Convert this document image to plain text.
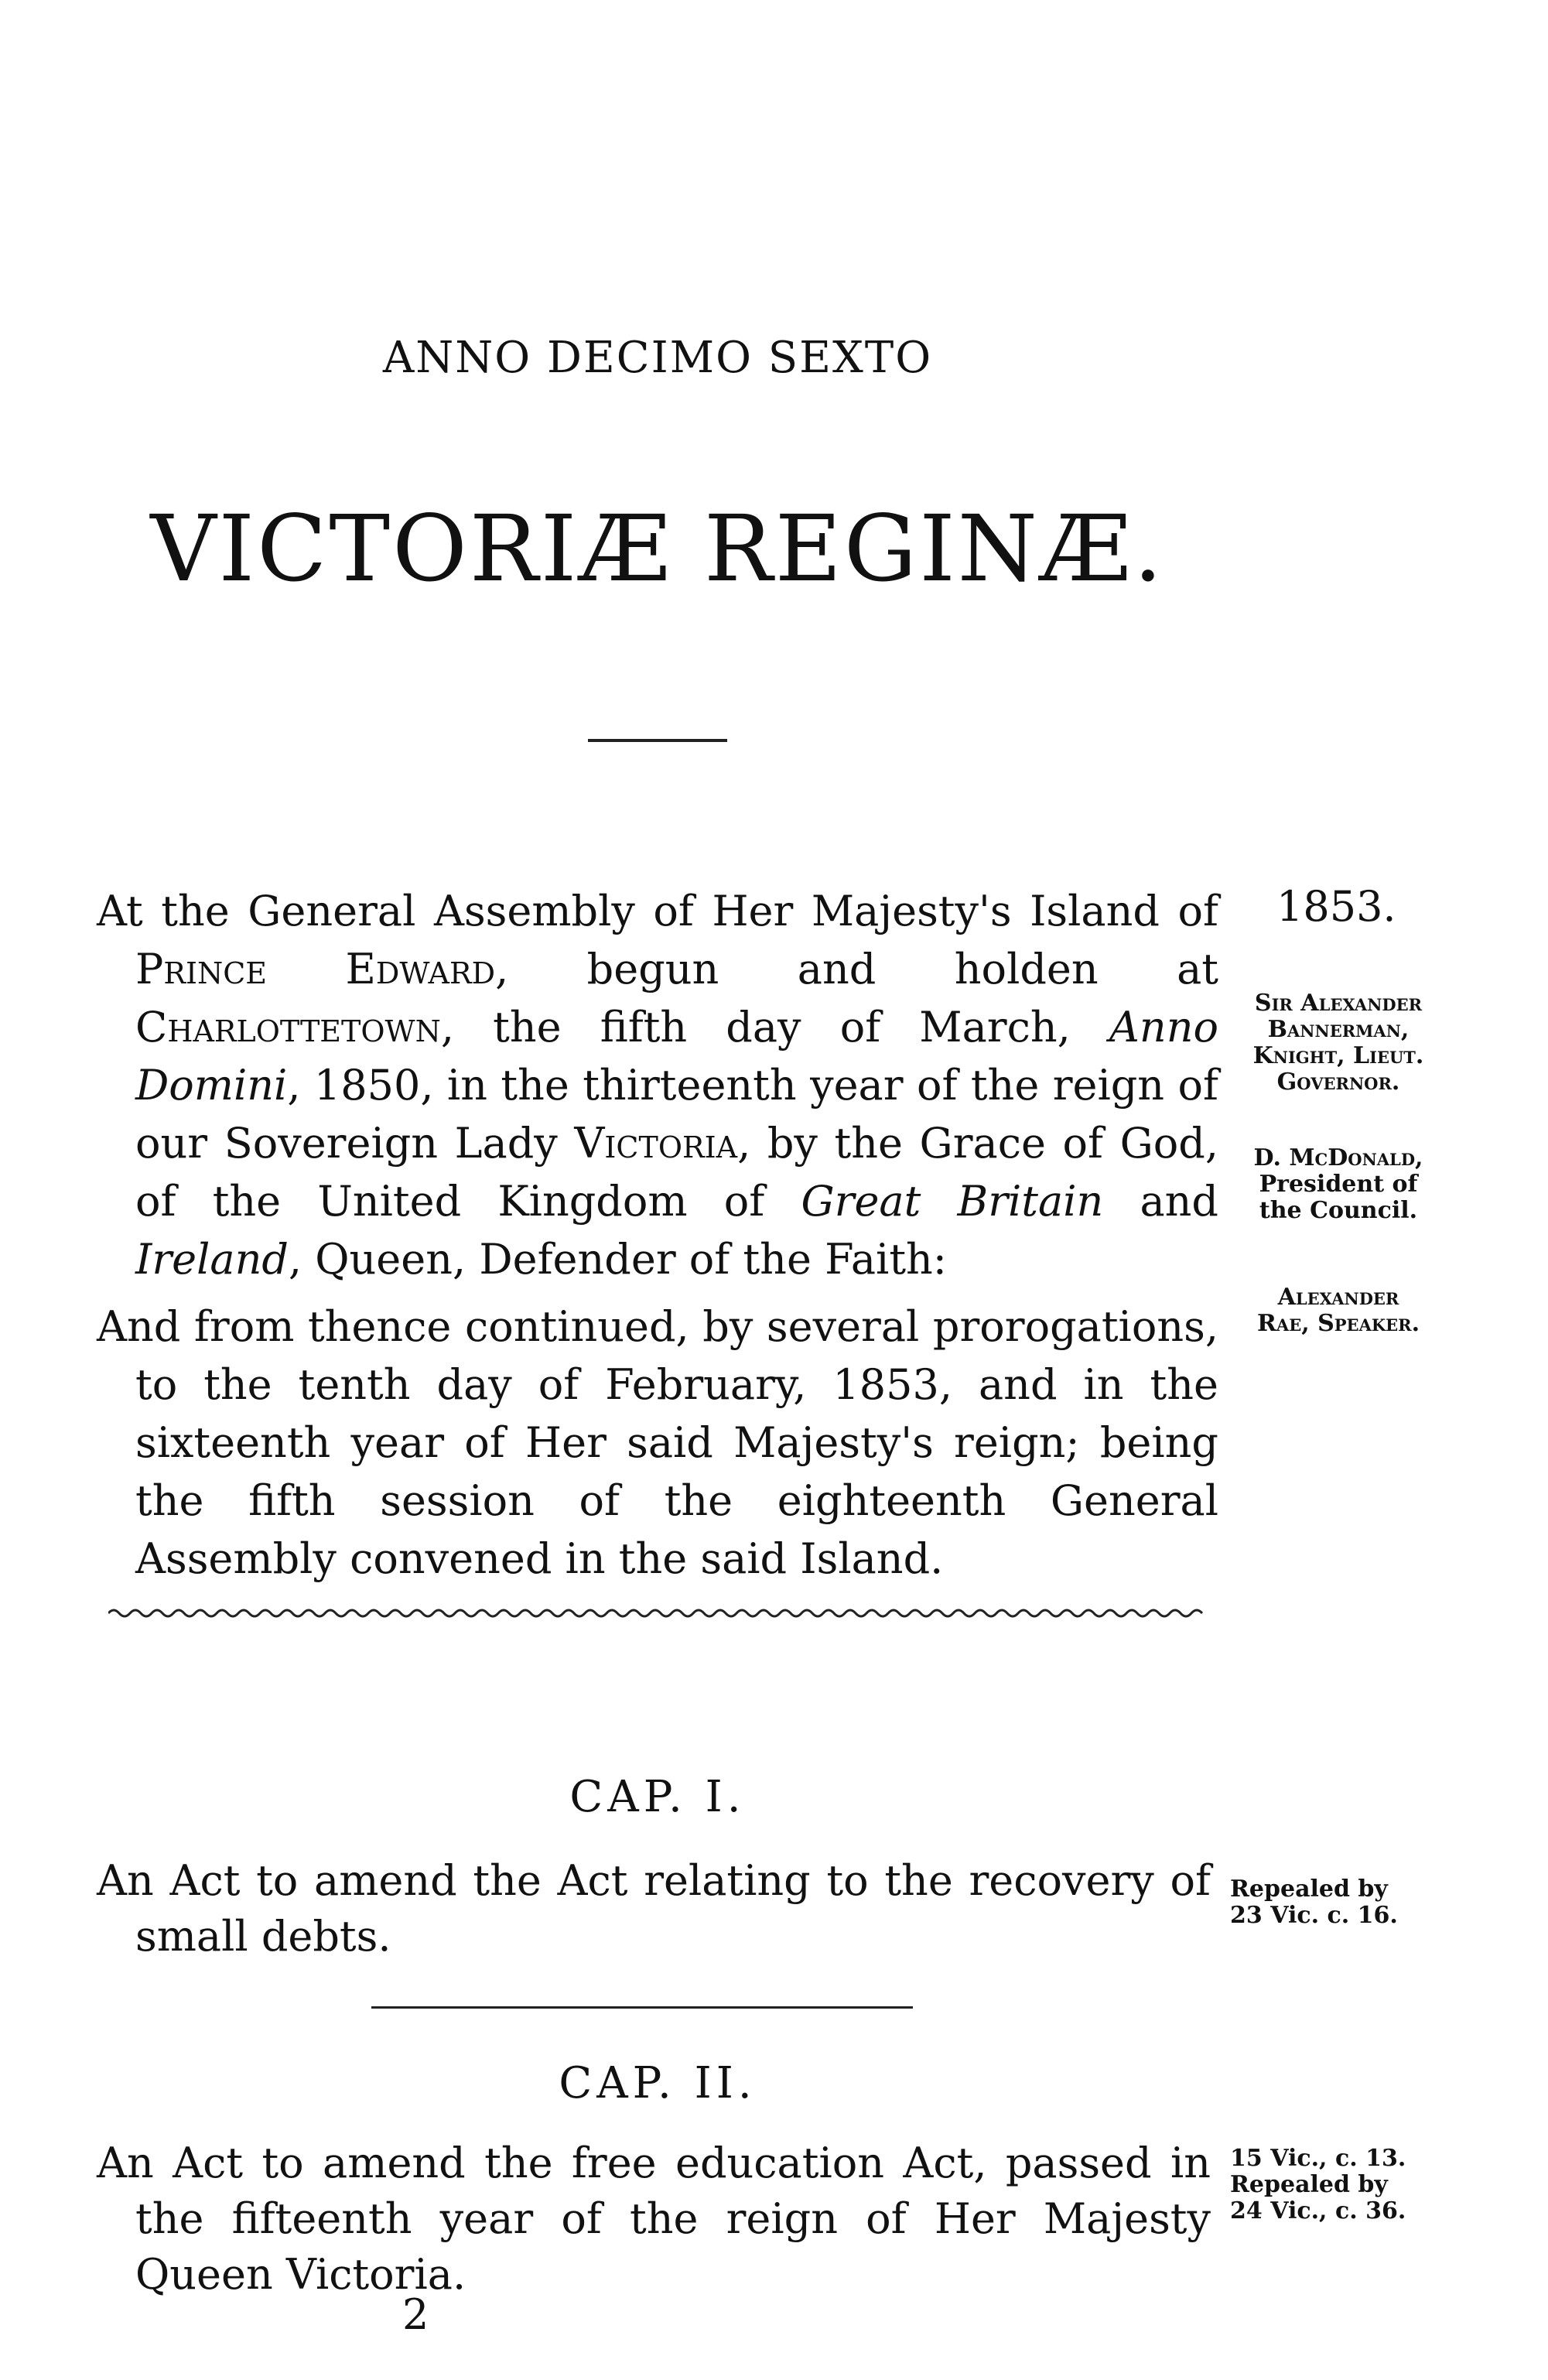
ANNO DECIMO SEXTO
VICTORIÆ REGINÆ.

At the General Assembly of Her Majesty's Island of Prince Edward, begun and holden at Charlottetown, the fifth day of March, Anno Domini, 1850, in the thirteenth year of the reign of our Sovereign Lady Victoria, by the Grace of God, of the United Kingdom of Great Britain and Ireland, Queen, Defender of the Faith:

And from thence continued, by several prorogations, to the tenth day of February, 1853, and in the sixteenth year of Her said Majesty's reign; being the fifth session of the eighteenth General Assembly convened in the said Island.

1853.
Sir Alexander
Bannerman,
Knight, Lieut.
Governor.
D. McDonald,
President of
the Council.
Alexander
Rae, Speaker.
CAP. I.

An Act to amend the Act relating to the recovery of small debts.

Repealed by
23 Vic. c. 16.
CAP. II.

An Act to amend the free education Act, passed in the fifteenth year of the reign of Her Majesty Queen Victoria.

15 Vic., c. 13.
Repealed by
24 Vic., c. 36.
2
